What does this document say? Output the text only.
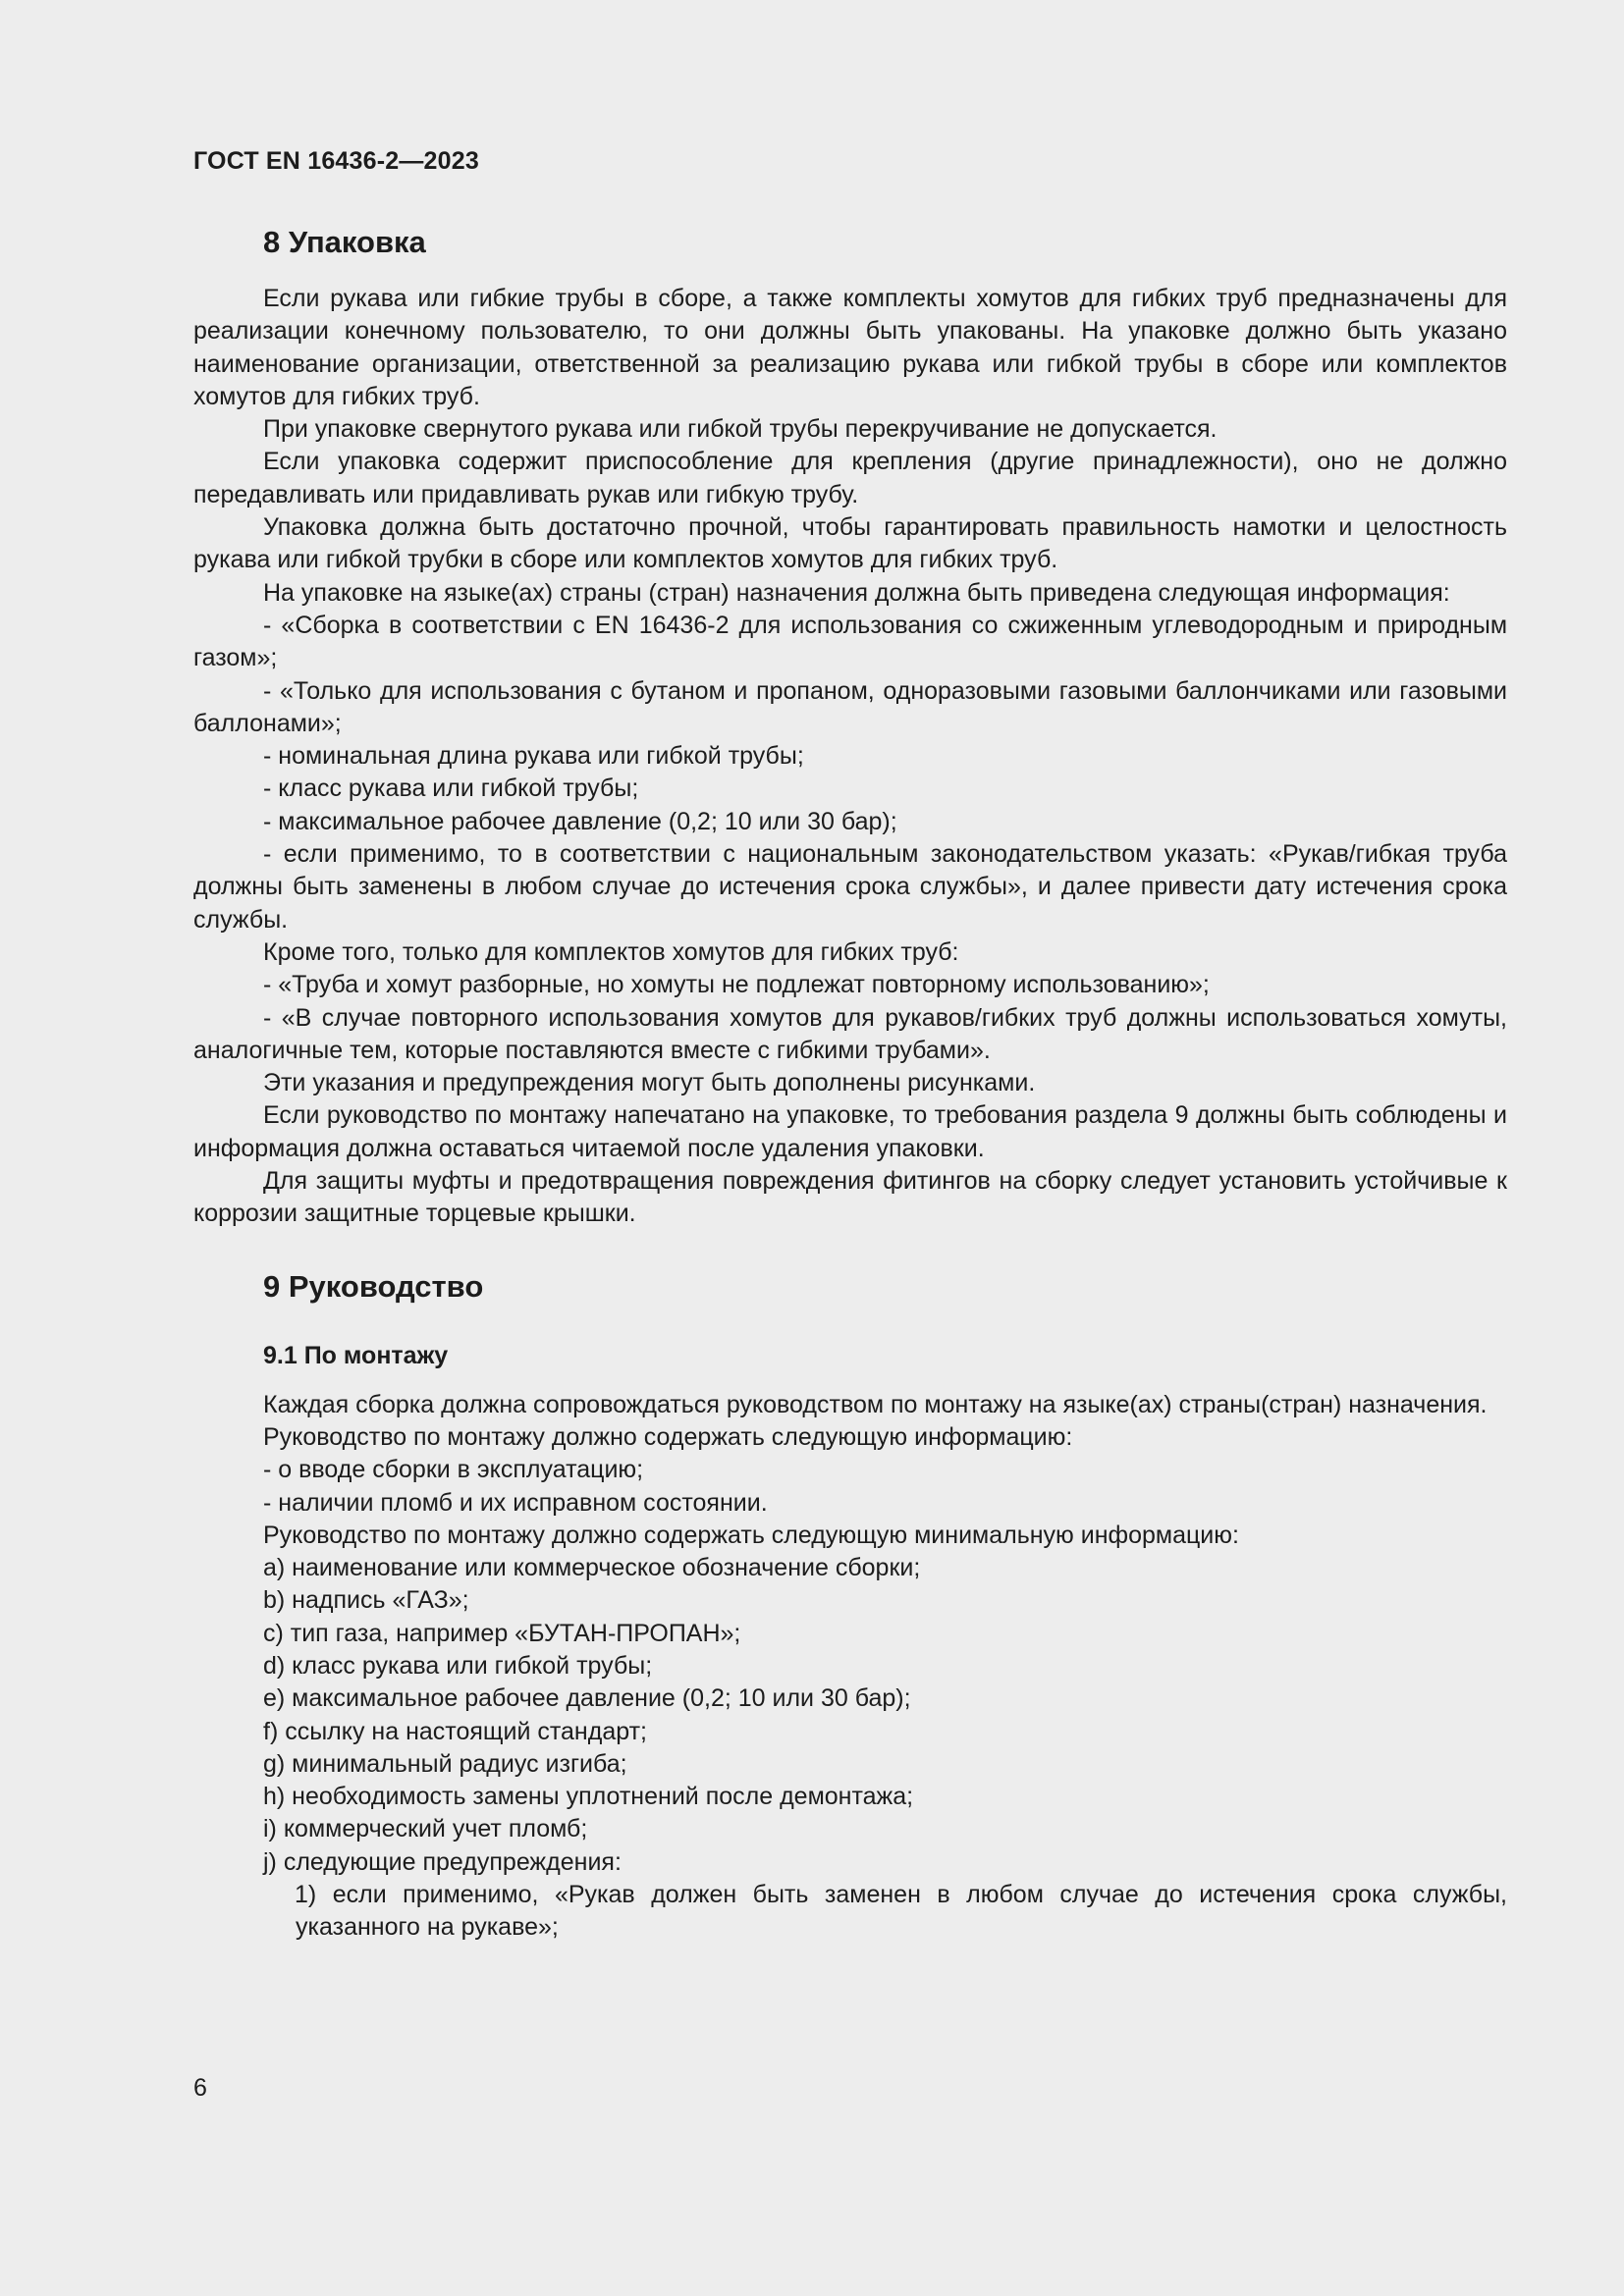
ГОСТ EN 16436-2—2023
8 Упаковка

Если рукава или гибкие трубы в сборе, а также комплекты хомутов для гибких труб предназначены для реализации конечному пользователю, то они должны быть упакованы. На упаковке должно быть указано наименование организации, ответственной за реализацию рукава или гибкой трубы в сборе или комплектов хомутов для гибких труб.

При упаковке свернутого рукава или гибкой трубы перекручивание не допускается.

Если упаковка содержит приспособление для крепления (другие принадлежности), оно не должно передавливать или придавливать рукав или гибкую трубу.

Упаковка должна быть достаточно прочной, чтобы гарантировать правильность намотки и целостность рукава или гибкой трубки в сборе или комплектов хомутов для гибких труб.

На упаковке на языке(ах) страны (стран) назначения должна быть приведена следующая информация:

- «Сборка в соответствии с EN 16436-2 для использования со сжиженным углеводородным и природным газом»;

- «Только для использования с бутаном и пропаном, одноразовыми газовыми баллончиками или газовыми баллонами»;

- номинальная длина рукава или гибкой трубы;

- класс рукава или гибкой трубы;

- максимальное рабочее давление (0,2; 10 или 30 бар);

- если применимо, то в соответствии с национальным законодательством указать: «Рукав/гибкая труба должны быть заменены в любом случае до истечения срока службы», и далее привести дату истечения срока службы.

Кроме того, только для комплектов хомутов для гибких труб:

- «Труба и хомут разборные, но хомуты не подлежат повторному использованию»;

- «В случае повторного использования хомутов для рукавов/гибких труб должны использоваться хомуты, аналогичные тем, которые поставляются вместе с гибкими трубами».

Эти указания и предупреждения могут быть дополнены рисунками.

Если руководство по монтажу напечатано на упаковке, то требования раздела 9 должны быть соблюдены и информация должна оставаться читаемой после удаления упаковки.

Для защиты муфты и предотвращения повреждения фитингов на сборку следует установить устойчивые к коррозии защитные торцевые крышки.

9 Руководство
9.1 По монтажу

Каждая сборка должна сопровождаться руководством по монтажу на языке(ах) страны(стран) назначения.

Руководство по монтажу должно содержать следующую информацию:

- о вводе сборки в эксплуатацию;

- наличии пломб и их исправном состоянии.

Руководство по монтажу должно содержать следующую минимальную информацию:

a) наименование или коммерческое обозначение сборки;

b) надпись «ГАЗ»;

c) тип газа, например «БУТАН-ПРОПАН»;

d) класс рукава или гибкой трубы;

e) максимальное рабочее давление (0,2; 10 или 30 бар);

f) ссылку на настоящий стандарт;

g) минимальный радиус изгиба;

h) необходимость замены уплотнений после демонтажа;

i) коммерческий учет пломб;

j) следующие предупреждения:

1) если применимо, «Рукав должен быть заменен в любом случае до истечения срока службы, указанного на рукаве»;

6
